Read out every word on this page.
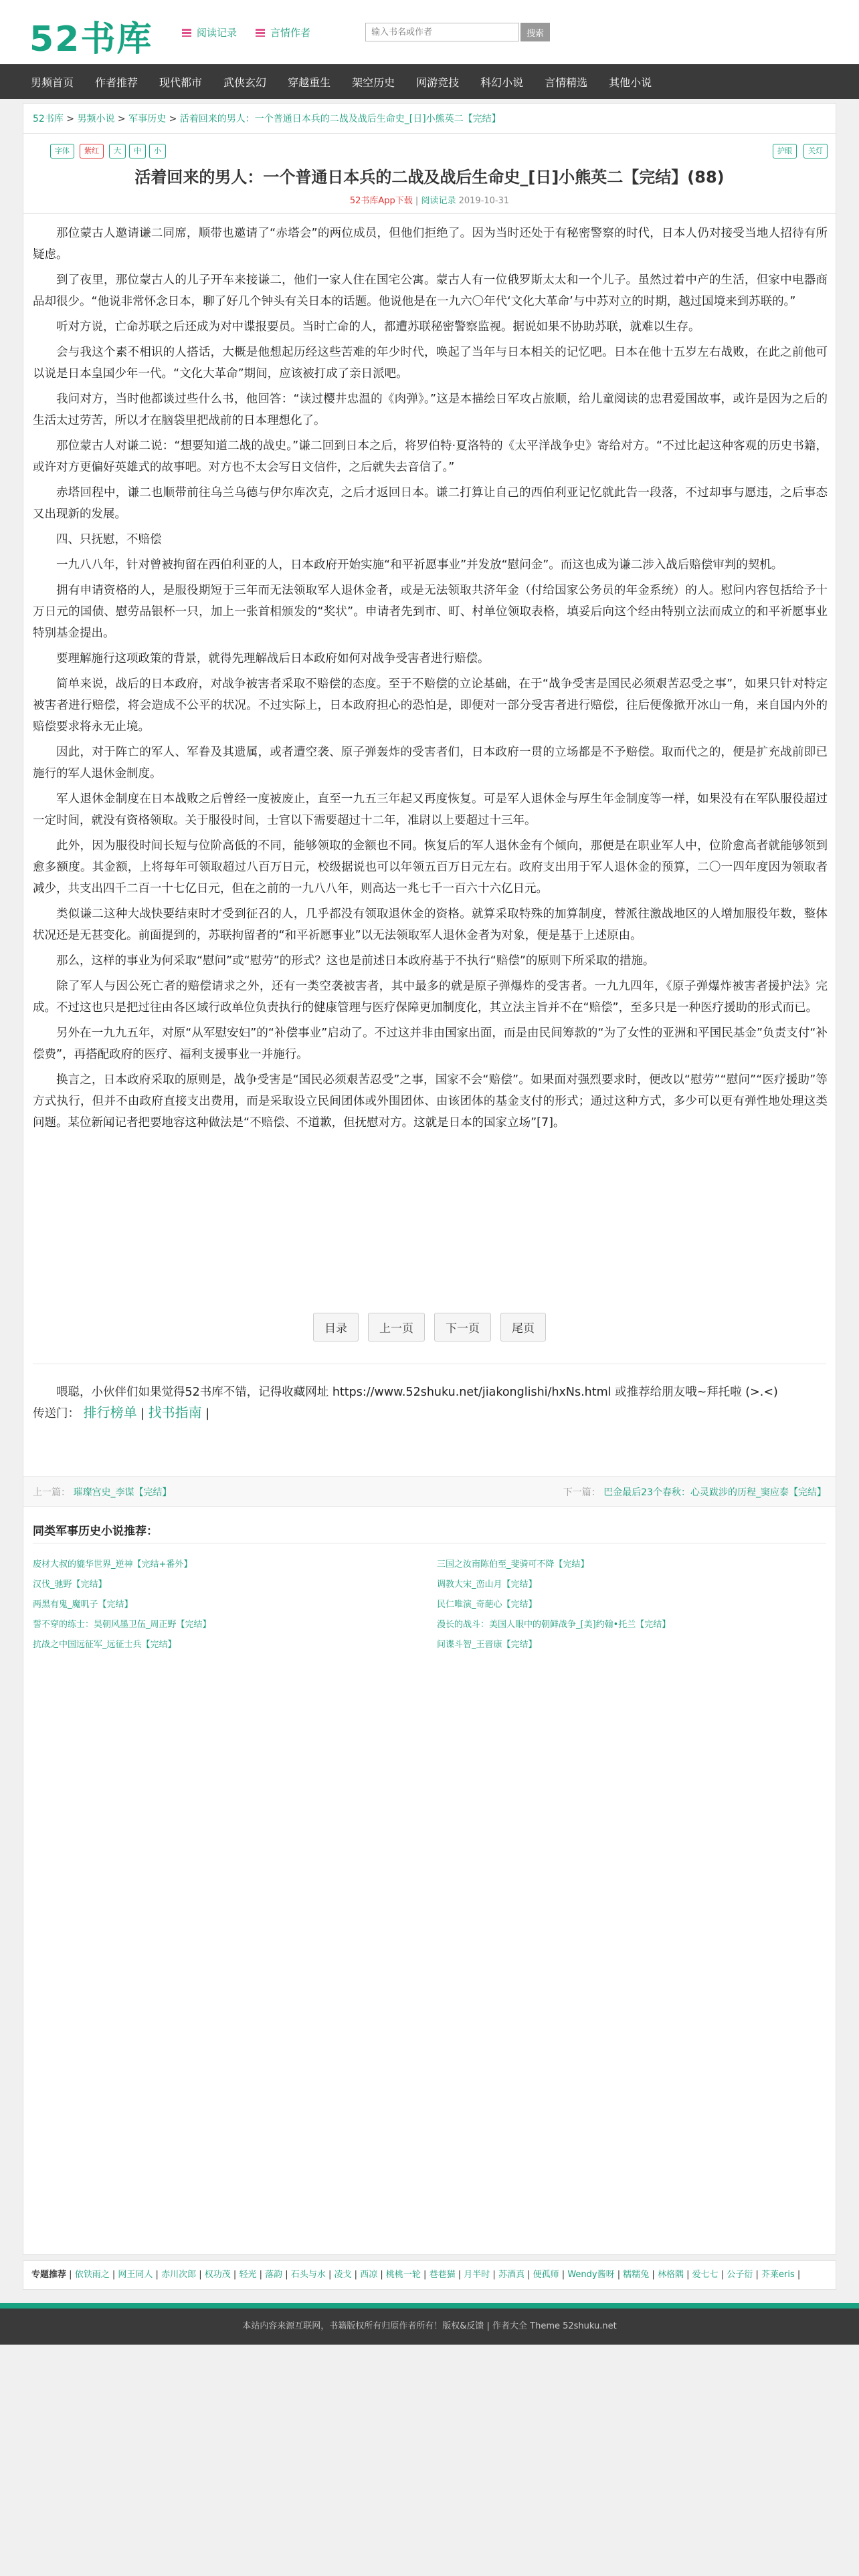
52书库	阅读记录	言情作者
输入书名或作者	搜索
男频首页 作者推荐 现代都市 武侠玄幻 穿越重生 架空历史 网游竞技 科幻小说 言情精选 其他小说
52书库 > 男频小说 > 军事历史 > 活着回来的男人：一个普通日本兵的二战及战后生命史_[日]小熊英二【完结】
字体	紫红	大	中	小	护眼	关灯
活着回来的男人：一个普通日本兵的二战及战后生命史_[日]小熊英二【完结】(88)
52书库App下载 | 阅读记录 2019-10-31

那位蒙古人邀请谦二同席，顺带也邀请了“赤塔会”的两位成员，但他们拒绝了。因为当时还处于有秘密警察的时代，日本人仍对接受当地人招待有所疑虑。

到了夜里，那位蒙古人的儿子开车来接谦二，他们一家人住在国宅公寓。蒙古人有一位俄罗斯太太和一个儿子。虽然过着中产的生活，但家中电器商品却很少。“他说非常怀念日本，聊了好几个钟头有关日本的话题。他说他是在一九六〇年代‘文化大革命’与中苏对立的时期，越过国境来到苏联的。”

听对方说，亡命苏联之后还成为对中谍报要员。当时亡命的人，都遭苏联秘密警察监视。据说如果不协助苏联，就难以生存。

会与我这个素不相识的人搭话，大概是他想起历经这些苦难的年少时代，唤起了当年与日本相关的记忆吧。日本在他十五岁左右战败，在此之前他可以说是日本皇国少年一代。“文化大革命”期间，应该被打成了亲日派吧。

我问对方，当时他都谈过些什么书，他回答：“读过樱井忠温的《肉弹》。”这是本描绘日军攻占旅顺，给儿童阅读的忠君爱国故事，或许是因为之后的生活太过劳苦，所以才在脑袋里把战前的日本理想化了。

那位蒙古人对谦二说：“想要知道二战的战史。”谦二回到日本之后，将罗伯特·夏洛特的《太平洋战争史》寄给对方。“不过比起这种客观的历史书籍，或许对方更偏好英雄式的故事吧。对方也不太会写日文信件，之后就失去音信了。”

赤塔回程中，谦二也顺带前往乌兰乌德与伊尔库次克，之后才返回日本。谦二打算让自己的西伯利亚记忆就此告一段落，不过却事与愿违，之后事态又出现新的发展。

四、只抚慰，不赔偿

一九八八年，针对曾被拘留在西伯利亚的人，日本政府开始实施“和平祈愿事业”并发放“慰问金”。而这也成为谦二涉入战后赔偿审判的契机。

拥有申请资格的人，是服役期短于三年而无法领取军人退休金者，或是无法领取共济年金（付给国家公务员的年金系统）的人。慰问内容包括给予十万日元的国债、慰劳品银杯一只，加上一张首相颁发的“奖状”。申请者先到市、町、村单位领取表格，填妥后向这个经由特别立法而成立的和平祈愿事业特别基金提出。

要理解施行这项政策的背景，就得先理解战后日本政府如何对战争受害者进行赔偿。

简单来说，战后的日本政府，对战争被害者采取不赔偿的态度。至于不赔偿的立论基础，在于“战争受害是国民必须艰苦忍受之事”，如果只针对特定被害者进行赔偿，将会造成不公平的状况。不过实际上，日本政府担心的恐怕是，即便对一部分受害者进行赔偿，往后便像掀开冰山一角，来自国内外的赔偿要求将永无止境。

因此，对于阵亡的军人、军眷及其遗属，或者遭空袭、原子弹轰炸的受害者们，日本政府一贯的立场都是不予赔偿。取而代之的，便是扩充战前即已施行的军人退休金制度。

军人退休金制度在日本战败之后曾经一度被废止，直至一九五三年起又再度恢复。可是军人退休金与厚生年金制度等一样，如果没有在军队服役超过一定时间，就没有资格领取。关于服役时间，士官以下需要超过十二年，准尉以上要超过十三年。

此外，因为服役时间长短与位阶高低的不同，能够领取的金额也不同。恢复后的军人退休金有个倾向，那便是在职业军人中，位阶愈高者就能够领到愈多额度。其金额，上将每年可领取超过八百万日元，校级据说也可以年领五百万日元左右。政府支出用于军人退休金的预算，二〇一四年度因为领取者减少，共支出四千二百一十七亿日元，但在之前的一九八八年，则高达一兆七千一百六十六亿日元。

类似谦二这种大战快要结束时才受到征召的人，几乎都没有领取退休金的资格。就算采取特殊的加算制度，替派往激战地区的人增加服役年数，整体状况还是无甚变化。前面提到的，苏联拘留者的“和平祈愿事业”以无法领取军人退休金者为对象，便是基于上述原由。

那么，这样的事业为何采取“慰问”或“慰劳”的形式？这也是前述日本政府基于不执行“赔偿”的原则下所采取的措施。

除了军人与因公死亡者的赔偿请求之外，还有一类空袭被害者，其中最多的就是原子弹爆炸的受害者。一九九四年，《原子弹爆炸被害者援护法》完成。不过这也只是把过往由各区域行政单位负责执行的健康管理与医疗保障更加制度化，其立法主旨并不在“赔偿”，至多只是一种医疗援助的形式而已。

另外在一九九五年，对原“从军慰安妇”的“补偿事业”启动了。不过这并非由国家出面，而是由民间筹款的“为了女性的亚洲和平国民基金”负责支付“补偿费”，再搭配政府的医疗、福利支援事业一并施行。

换言之，日本政府采取的原则是，战争受害是“国民必须艰苦忍受”之事，国家不会“赔偿”。如果面对强烈要求时，便改以“慰劳”“慰问”“医疗援助”等方式执行，但并不由政府直接支出费用，而是采取设立民间团体或外围团体、由该团体的基金支付的形式；通过这种方式，多少可以更有弹性地处理这类问题。某位新闻记者把要地容这种做法是“不赔偿、不道歉，但抚慰对方。这就是日本的国家立场”[7]。

目录	上一页	下一页	尾页
喂聪，小伙伴们如果觉得52书库不错，记得收藏网址 https://www.52shuku.net/jiakonglishi/hxNs.html 或推荐给朋友哦~拜托啦 (>.<)
传送门： 排行榜单 | 找书指南 |
上一篇： 璀璨宫史_李谋【完结】	下一篇： 巴金最后23个春秋：心灵跋涉的历程_窦应泰【完结】
同类军事历史小说推荐：
废材大叔的貔华世界_逆神【完结+番外】	三国之汝南陈伯至_斐骑可不降【完结】
汉伐_驰野【完结】	调教大宋_峦山月【完结】
两黑有鬼_魔叽子【完结】	民仁唯演_奇葩心【完结】
誓不穿的练士：昊朝风墨卫伍_周正野【完结】	漫长的战斗：美国人眼中的朝鲜战争_[美]约翰•托兰【完结】
抗战之中国远征军_远征士兵【完结】	间谍斗智_王晋康【完结】
专题推荐 | 依铁雨之 | 网王同人 | 赤川次郎 | 权功茂 | 轻光 | 落韵 | 石头与水 | 凌戈 | 西凉 | 桃桃一轮 | 巷巷猫 | 月半时 | 苏酒真 | 便孤师 | Wendy酱呀 | 糯糯兔 | 林格隅 | 爱七七 | 公子衍 | 芥莱eris |
本站内容来源互联网，书籍版权所有归原作者所有！版权&反馈 | 作者大全 Theme 52shuku.net
